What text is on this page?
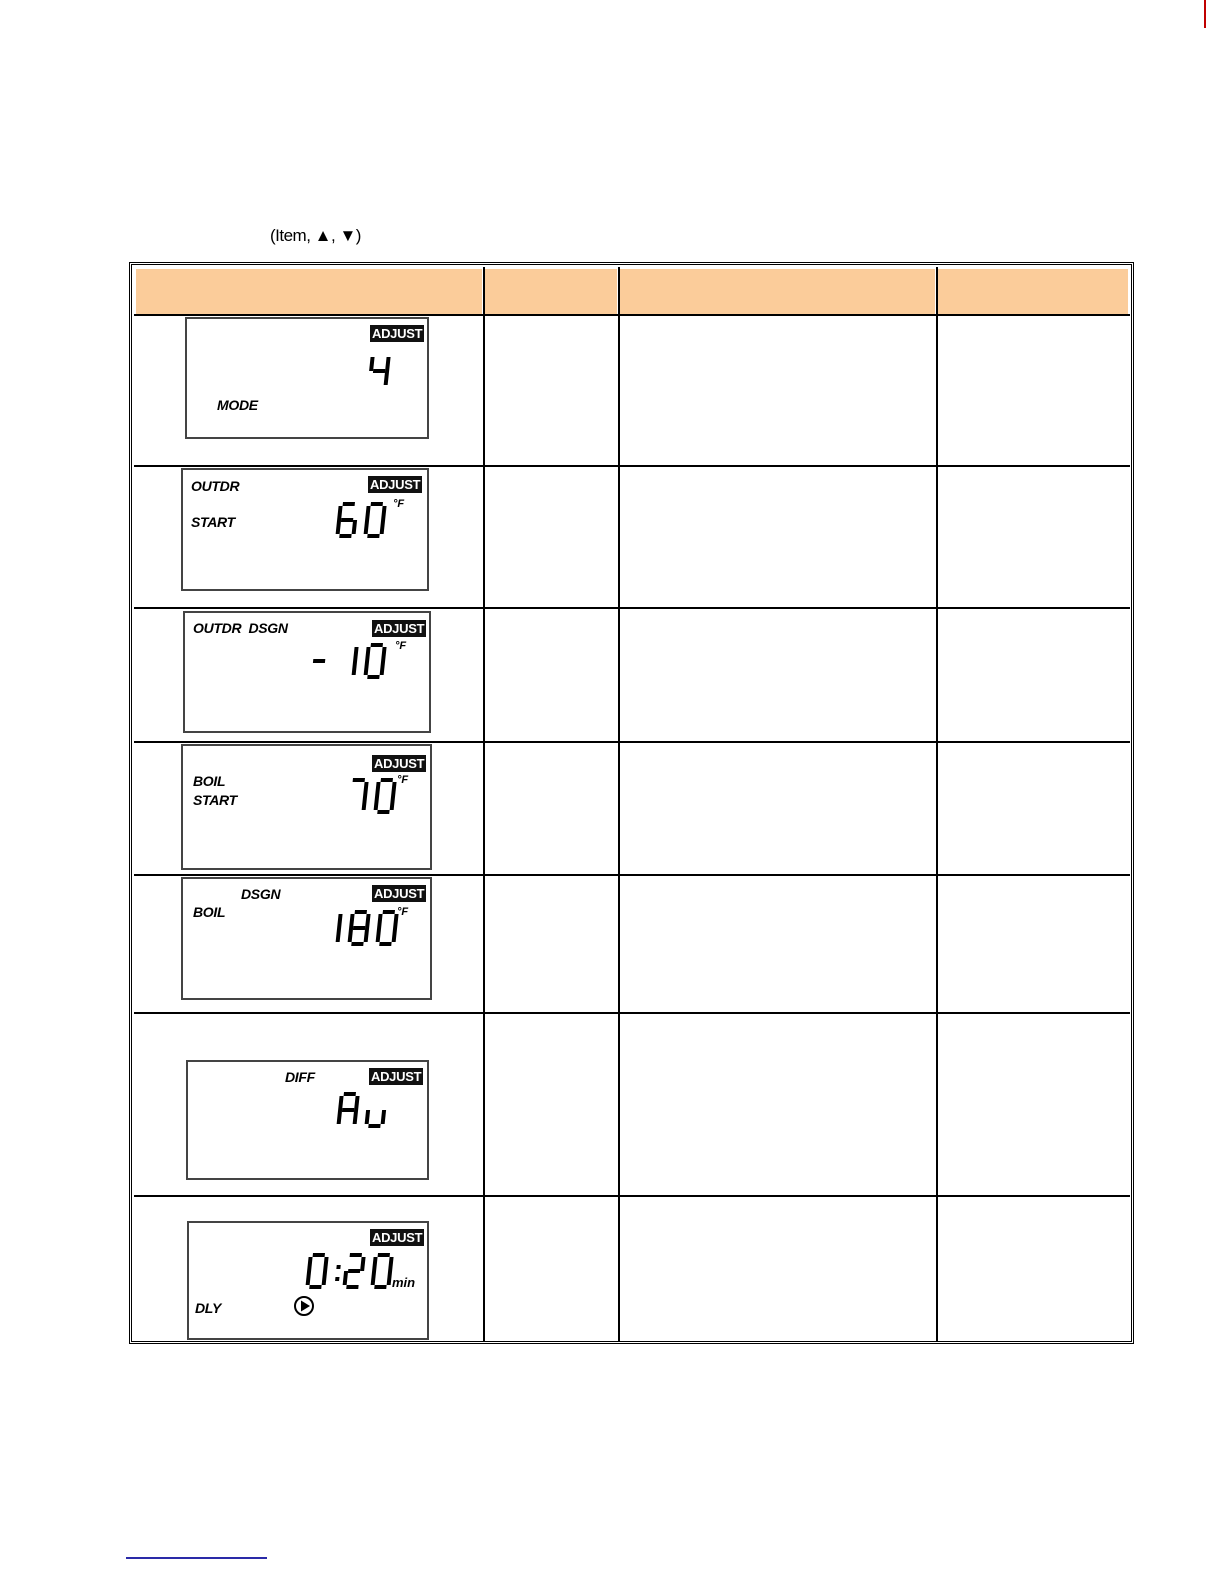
(Item, ▲, ▼)
ADJUST
MODE
ADJUST
OUTDR
START
°F
ADJUST
OUTDR  DSGN
°F
ADJUST
BOIL
START
°F
ADJUST
DSGN
BOIL	°F
ADJUST
DIFF
ADJUST
DLY
min
